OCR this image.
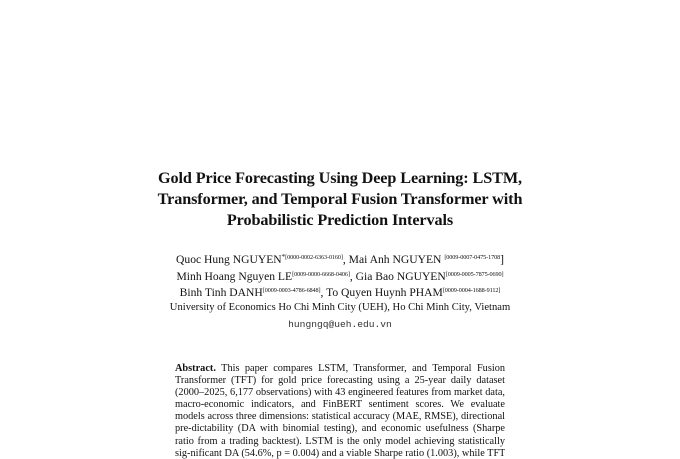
Gold Price Forecasting Using Deep Learning: LSTM,
Transformer, and Temporal Fusion Transformer with
Probabilistic Prediction Intervals
Quoc Hung $NGUYEN^{*[0000-0002-6363-0160]}$, Mai Anh NGUYEN $^{[0009-0007-0475-1708}$]
Minh Hoang Nguyen LE[0009-0000-6668-0406], Gia Bao NGUYEN[0009-0005-7875-0690]
Binh Tinh DANH[0009-0003-4786-6848], To Quyen Huynh PHAM[0009-0004-1688-9112]
University of Economics Ho Chi Minh City (UEH), Ho Chi Minh City, Vietnam
hungngq@ueh.edu.vn
Abstract. This paper compares LSTM, Transformer, and Temporal Fusion
Transformer (TFT) for gold price forecasting using a 25-year daily dataset
(2000–2025, 6,177 observations) with 43 engineered features from market data,
macro-economic indicators, and FinBERT sentiment scores. We evaluate
models across three dimensions: statistical accuracy (MAE, RMSE), directional
pre-dictability (DA with binomial testing), and economic usefulness (Sharpe
ratio from a trading backtest). LSTM is the only model achieving statistically
sig-nificant DA (54.6%, p = 0.004) and a viable Sharpe ratio (1.003), while TFT
